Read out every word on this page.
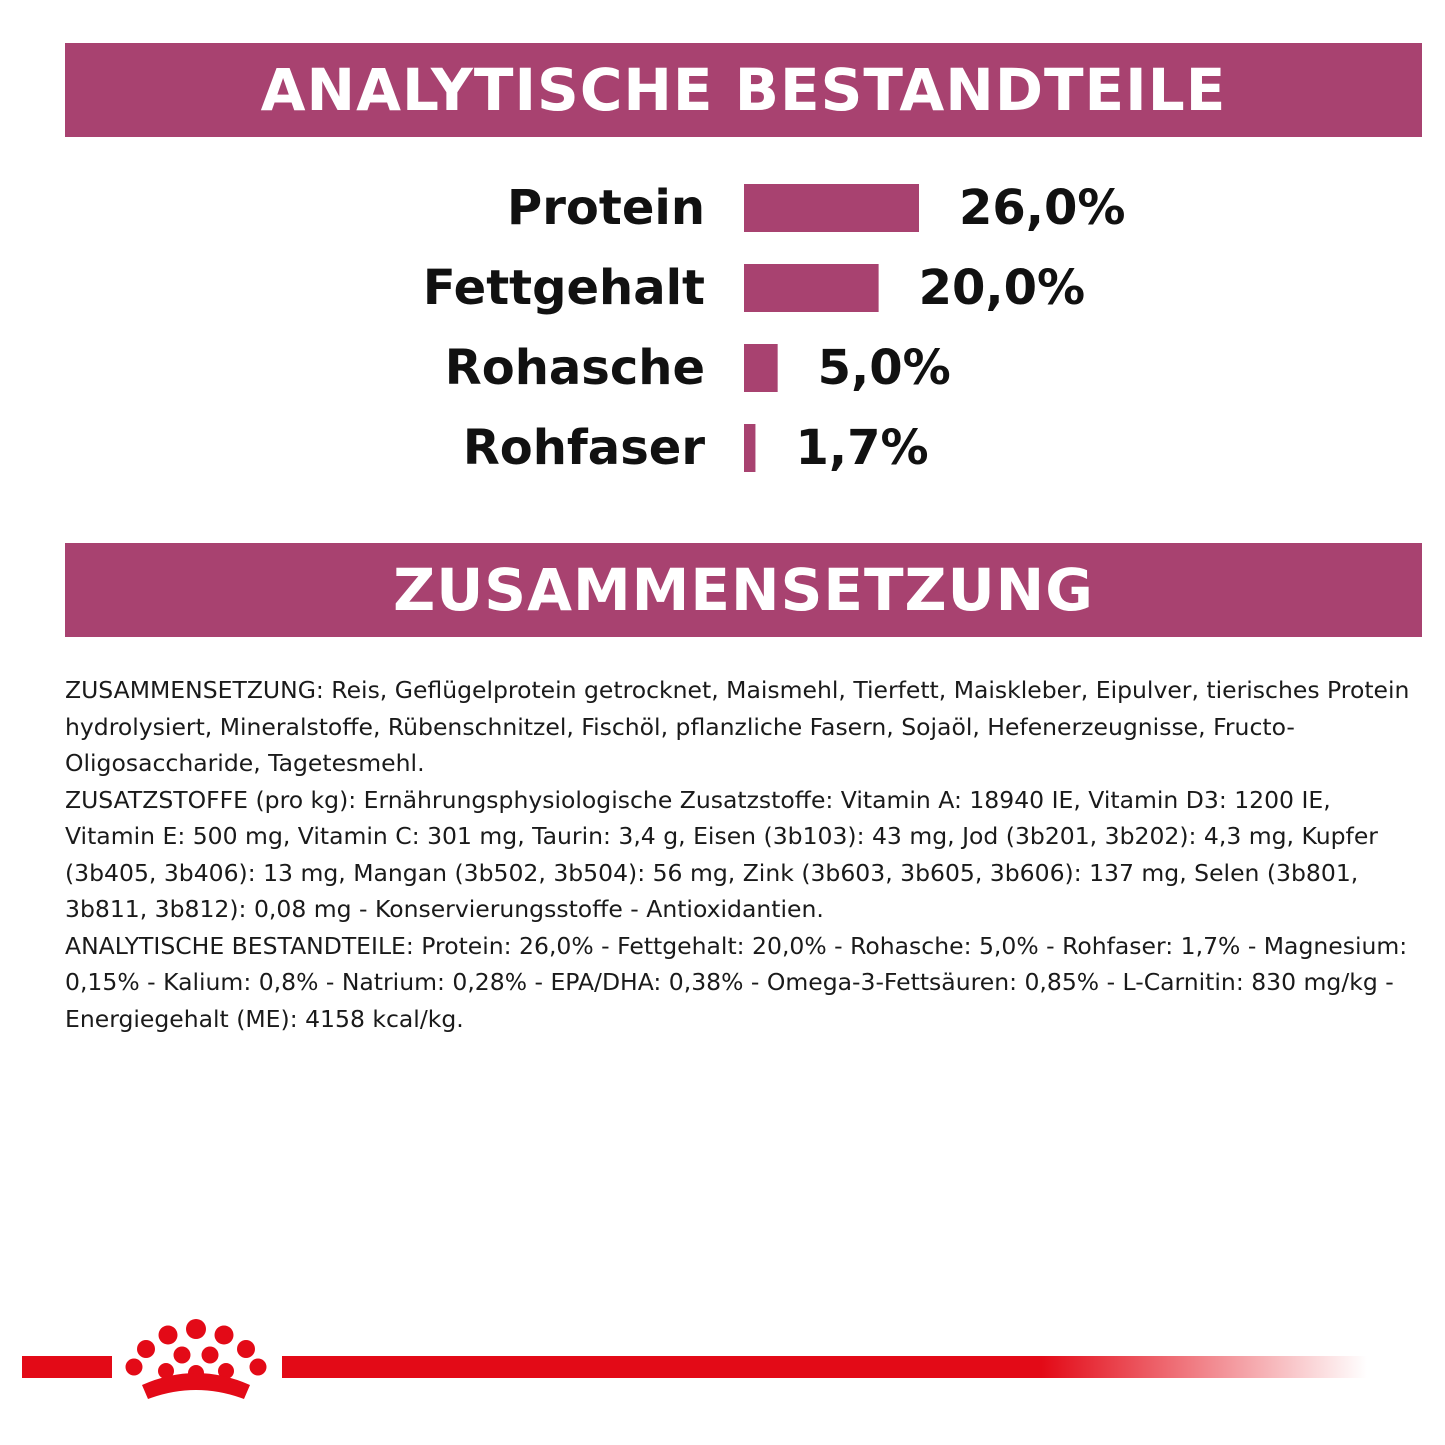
ANALYTISCHE BESTANDTEILE
Protein	26,0%
Fettgehalt	20,0%
Rohasche 5,0%
Rohfaser 1,7%
ZUSAMMENSETZUNG

ZUSAMMENSETZUNG: Reis, Geflügelprotein getrocknet, Maismehl, Tierfett, Maiskleber, Eipulver, tierisches Protein hydrolysiert, Mineralstoffe, Rübenschnitzel, Fischöl, pflanzliche Fasern, Sojaöl, Hefenerzeugnisse, Fructo-Oligosaccharide, Tagetesmehl.

ZUSATZSTOFFE (pro kg): Ernährungsphysiologische Zusatzstoffe: Vitamin A: 18940 IE, Vitamin D3: 1200 IE, Vitamin E: 500 mg, Vitamin C: 301 mg, Taurin: 3,4 g, Eisen (3b103): 43 mg, Jod (3b201, 3b202): 4,3 mg, Kupfer (3b405, 3b406): 13 mg, Mangan (3b502, 3b504): 56 mg, Zink (3b603, 3b605, 3b606): 137 mg, Selen (3b801, 3b811, 3b812): 0,08 mg - Konservierungsstoffe - Antioxidantien.

ANALYTISCHE BESTANDTEILE: Protein: 26,0% - Fettgehalt: 20,0% - Rohasche: 5,0% - Rohfaser: 1,7% - Magnesium: 0,15% - Kalium: 0,8% - Natrium: 0,28% - EPA/DHA: 0,38% - Omega-3-Fettsäuren: 0,85% - L-Carnitin: 830 mg/kg - Energiegehalt (ME): 4158 kcal/kg.
